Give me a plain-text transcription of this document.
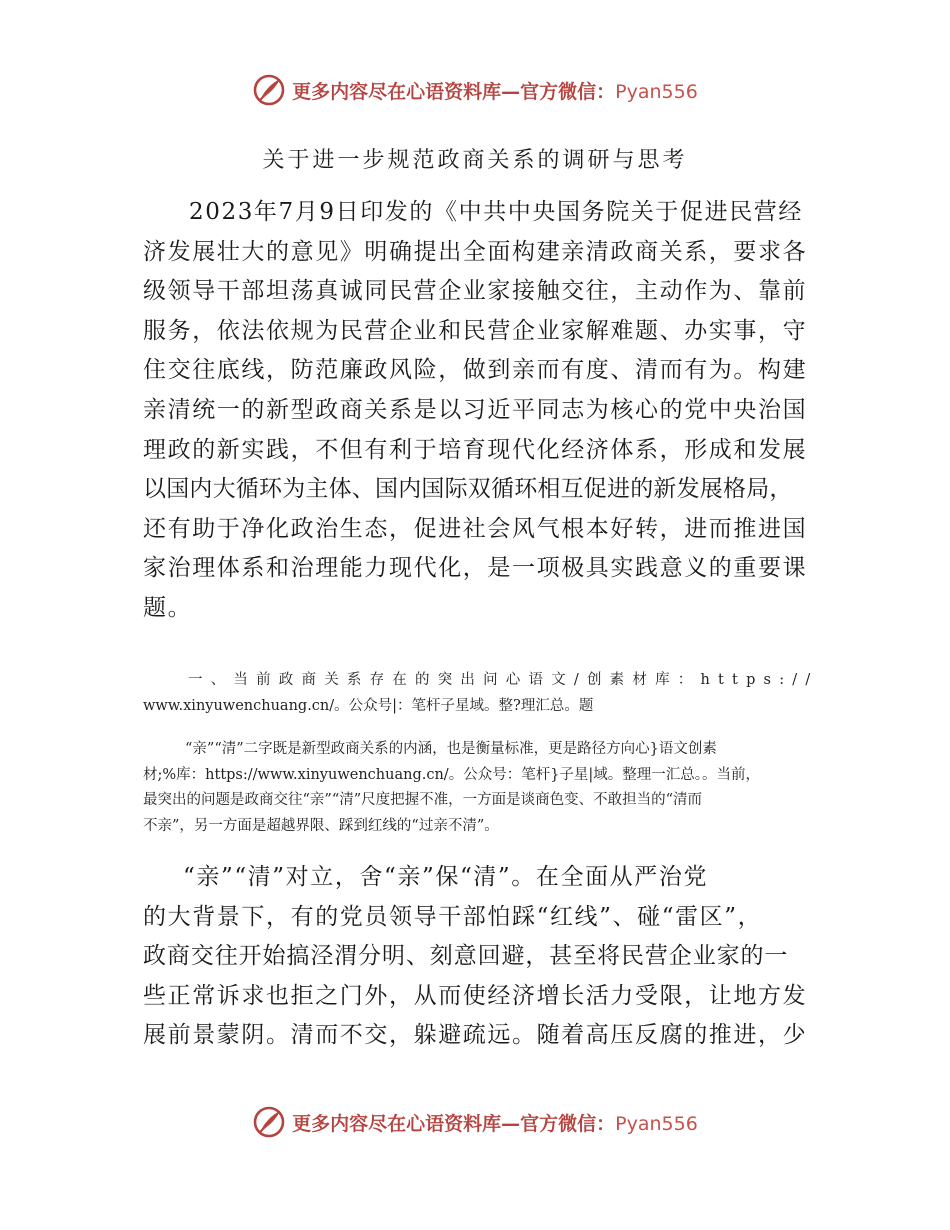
更多内容尽在心语资料库—官方微信：Pyan556
关于进一步规范政商关系的调研与思考
2023年7月9日印发的《中共中央国务院关于促进民营经
济发展壮大的意见》明确提出全面构建亲清政商关系，要求各
级领导干部坦荡真诚同民营企业家接触交往，主动作为、靠前
服务，依法依规为民营企业和民营企业家解难题、办实事，守
住交往底线，防范廉政风险，做到亲而有度、清而有为。构建
亲清统一的新型政商关系是以习近平同志为核心的党中央治国
理政的新实践，不但有利于培育现代化经济体系，形成和发展
以国内大循环为主体、国内国际双循环相互促进的新发展格局，
还有助于净化政治生态，促进社会风气根本好转，进而推进国
家治理体系和治理能力现代化，是一项极具实践意义的重要课
题。
一、当前政商关系存在的突出问心语文/创素材库：https://
www.xinyuwenchuang.cn/。公众号|：笔杆子星域。整?理汇总。题
“亲”“清”二字既是新型政商关系的内涵，也是衡量标准，更是路径方向心}语文创素
材;%库：https://www.xinyuwenchuang.cn/。公众号：笔杆}子星|域。整理一汇总。。当前，
最突出的问题是政商交往“亲”“清”尺度把握不准，一方面是谈商色变、不敢担当的“清而
不亲”，另一方面是超越界限、踩到红线的“过亲不清”。
“亲”“清”对立，舍“亲”保“清”。在全面从严治党
的大背景下，有的党员领导干部怕踩“红线”、碰“雷区”，
政商交往开始搞泾渭分明、刻意回避，甚至将民营企业家的一
些正常诉求也拒之门外，从而使经济增长活力受限，让地方发
展前景蒙阴。清而不交，躲避疏远。随着高压反腐的推进，少
更多内容尽在心语资料库—官方微信：Pyan556
